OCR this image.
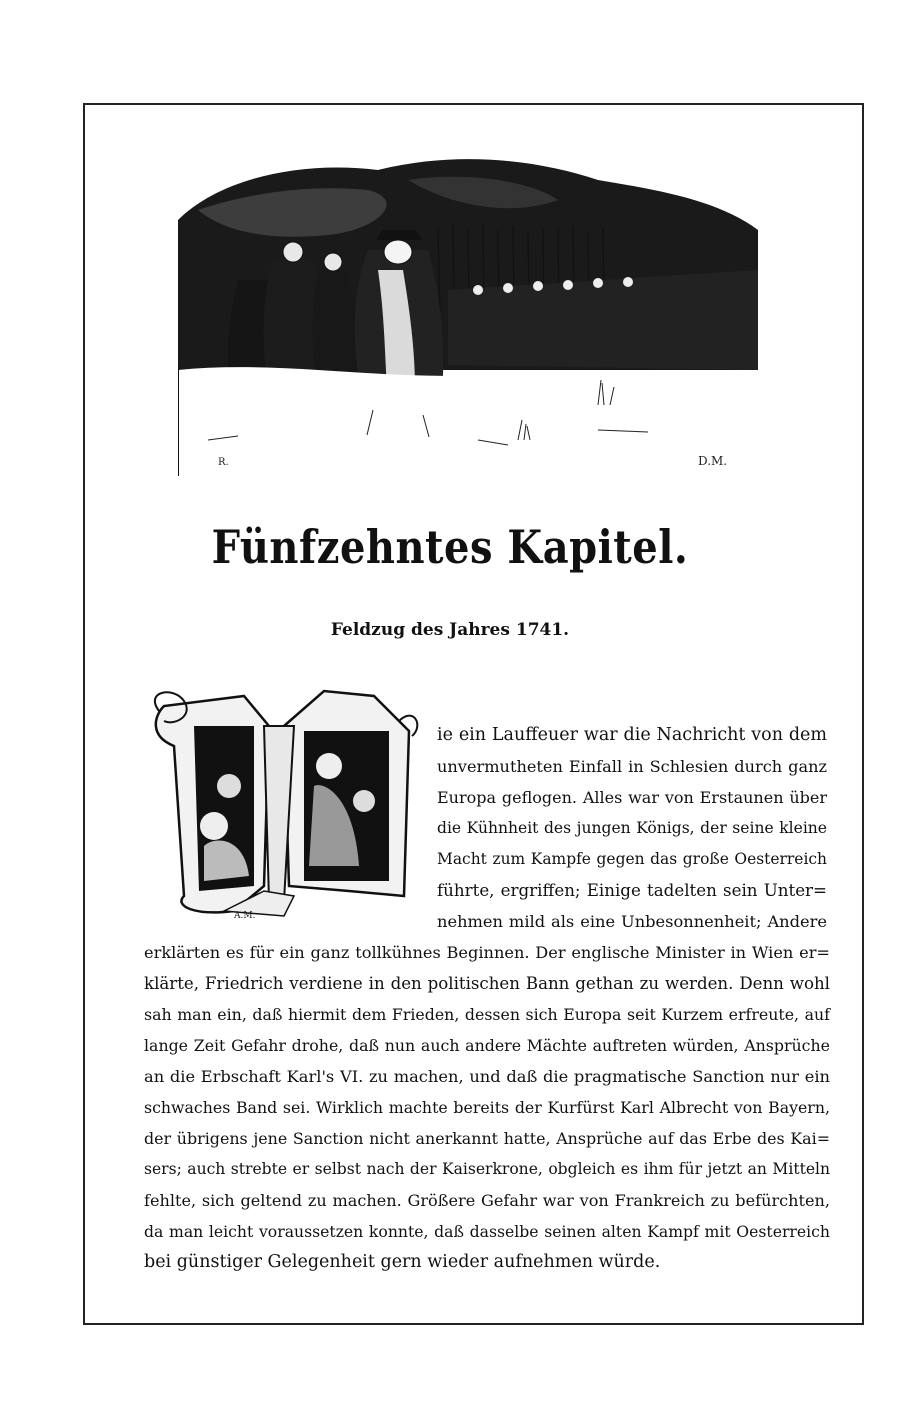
R.	D.M.
Fünfzehntes Kapitel.
Feldzug des Jahres 1741.
A.M.
ie ein Lauffeuer war die Nachricht von dem
unvermutheten Einfall in Schlesien durch ganz
Europa geflogen. Alles war von Erstaunen über
die Kühnheit des jungen Königs, der seine kleine
Macht zum Kampfe gegen das große Oesterreich
führte, ergriffen; Einige tadelten sein Unter=
nehmen mild als eine Unbesonnenheit; Andere
erklärten es für ein ganz tollkühnes Beginnen. Der englische Minister in Wien er=
klärte, Friedrich verdiene in den politischen Bann gethan zu werden. Denn wohl
sah man ein, daß hiermit dem Frieden, dessen sich Europa seit Kurzem erfreute, auf
lange Zeit Gefahr drohe, daß nun auch andere Mächte auftreten würden, Ansprüche
an die Erbschaft Karl's VI. zu machen, und daß die pragmatische Sanction nur ein
schwaches Band sei. Wirklich machte bereits der Kurfürst Karl Albrecht von Bayern,
der übrigens jene Sanction nicht anerkannt hatte, Ansprüche auf das Erbe des Kai=
sers; auch strebte er selbst nach der Kaiserkrone, obgleich es ihm für jetzt an Mitteln
fehlte, sich geltend zu machen. Größere Gefahr war von Frankreich zu befürchten,
da man leicht voraussetzen konnte, daß dasselbe seinen alten Kampf mit Oesterreich
bei günstiger Gelegenheit gern wieder aufnehmen würde.
